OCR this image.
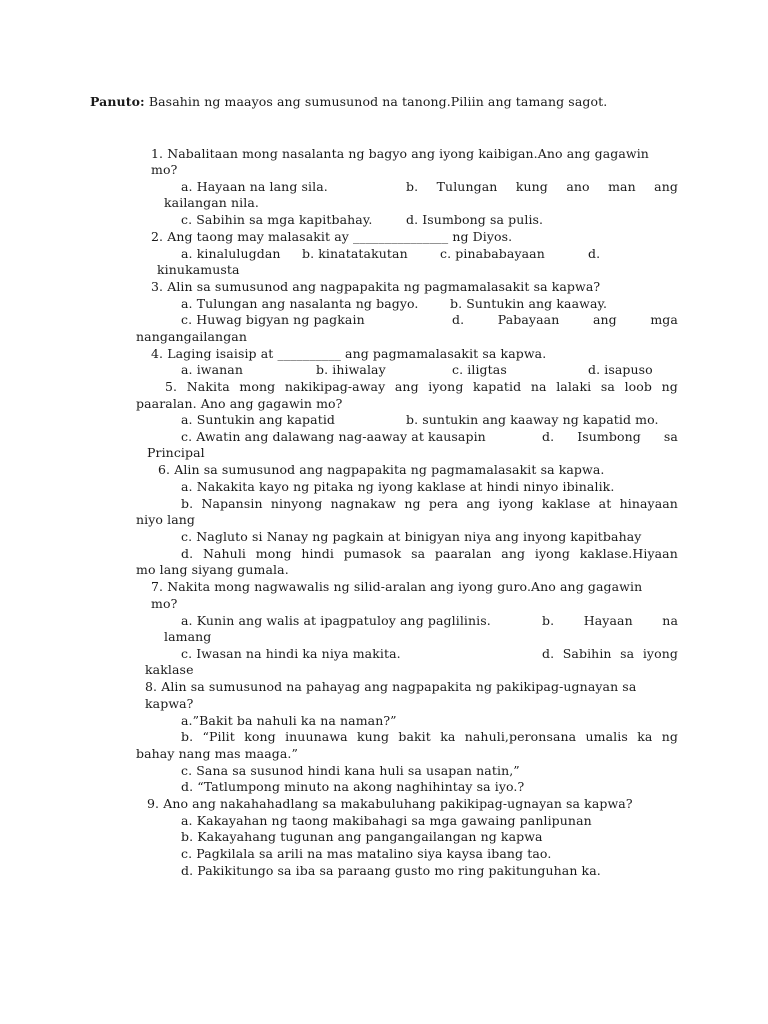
Panuto: Basahin ng maayos ang sumusunod na tanong.Piliin ang tamang sagot.
1. Nabalitaan mong nasalanta ng bagyo ang iyong kaibigan.Ano ang gagawin
mo?
a. Hayaan na lang sila.	b. Tulungan kung ano man ang
kailangan nila.
c. Sabihin sa mga kapitbahay.	d. Isumbong sa pulis.
2. Ang taong may malasakit ay _______________ ng Diyos.
a. kinalulugdan b. kinatatakutan	c. pinababayaan	d.
kinukamusta
3. Alin sa sumusunod ang nagpapakita ng pagmamalasakit sa kapwa?
a. Tulungan ang nasalanta ng bagyo.	b. Suntukin ang kaaway.
c. Huwag bigyan ng pagkain	d.	Pabayaan	ang	mga
nangangailangan
4. Laging isaisip at __________ ang pagmamalasakit sa kapwa.
a. iwanan	b. ihiwalay	c. iligtas	d. isapuso
5. Nakita mong nakikipag-away ang iyong kapatid na lalaki sa loob ng
paaralan. Ano ang gagawin mo?
a. Suntukin ang kapatid	b. suntukin ang kaaway ng kapatid mo.
c. Awatin ang dalawang nag-aaway at kausapin	d. Isumbong sa
Principal
6. Alin sa sumusunod ang nagpapakita ng pagmamalasakit sa kapwa.
a. Nakakita kayo ng pitaka ng iyong kaklase at hindi ninyo ibinalik.
b. Napansin ninyong nagnakaw ng pera ang iyong kaklase at hinayaan
niyo lang
c. Nagluto si Nanay ng pagkain at binigyan niya ang inyong kapitbahay
d. Nahuli mong hindi pumasok sa paaralan ang iyong kaklase.Hiyaan
mo lang siyang gumala.
7. Nakita mong nagwawalis ng silid-aralan ang iyong guro.Ano ang gagawin
mo?
a. Kunin ang walis at ipagpatuloy ang paglilinis.	b. Hayaan na
lamang
c. Iwasan na hindi ka niya makita.	d. Sabihin sa iyong
kaklase
8. Alin sa sumusunod na pahayag ang nagpapakita ng pakikipag-ugnayan sa
kapwa?
a.”Bakit ba nahuli ka na naman?”
b. “Pilit kong inuunawa kung bakit ka nahuli,peronsana umalis ka ng
bahay nang mas maaga.”
c. Sana sa susunod hindi kana huli sa usapan natin,”
d. “Tatlumpong minuto na akong naghihintay sa iyo.?
9. Ano ang nakahahadlang sa makabuluhang pakikipag-ugnayan sa kapwa?
a. Kakayahan ng taong makibahagi sa mga gawaing panlipunan
b. Kakayahang tugunan ang pangangailangan ng kapwa
c. Pagkilala sa arili na mas matalino siya kaysa ibang tao.
d. Pakikitungo sa iba sa paraang gusto mo ring pakitunguhan ka.
